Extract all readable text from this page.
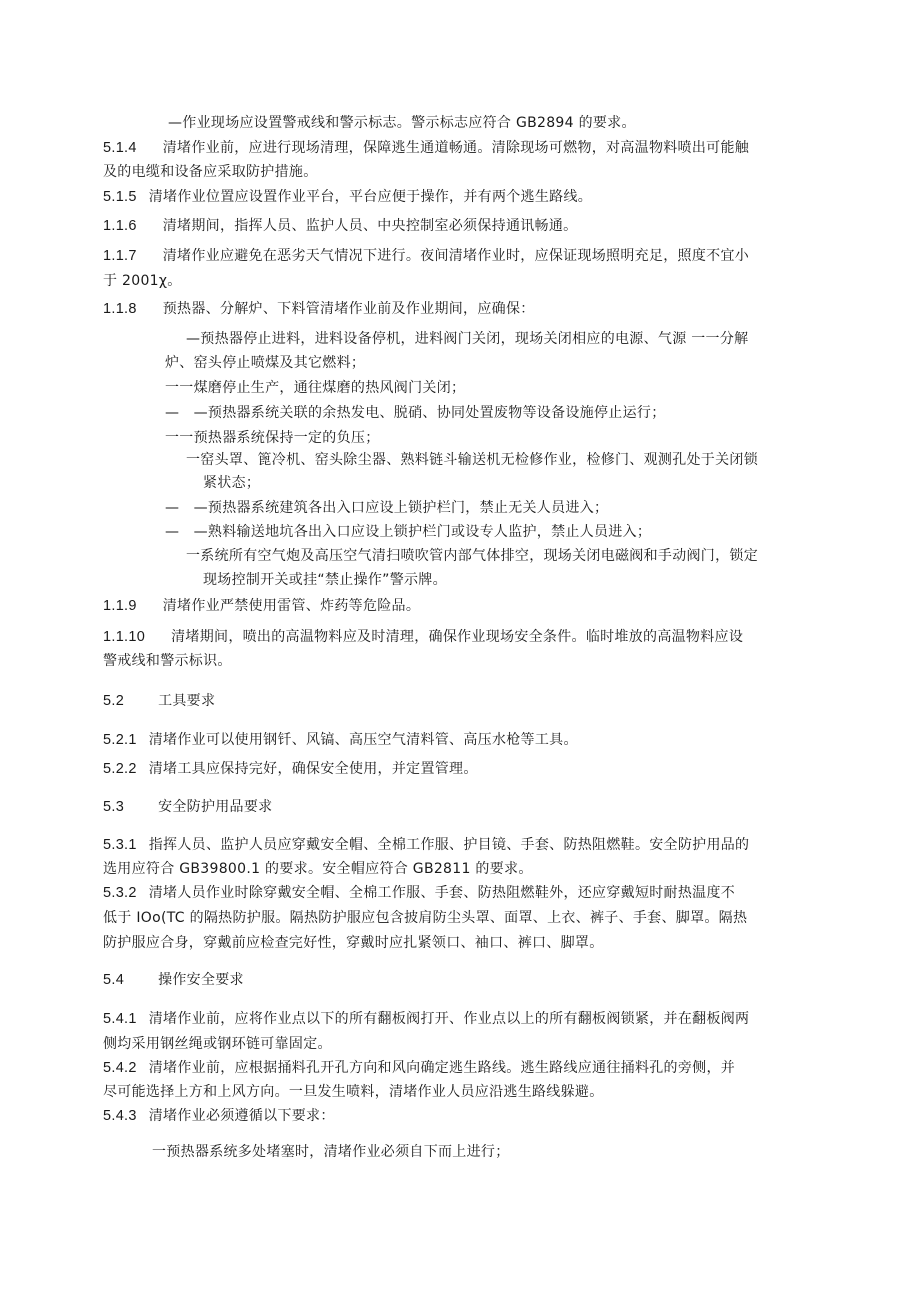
—作业现场应设置警戒线和警示标志。警示标志应符合 GB2894 的要求。
5.1.4 清堵作业前，应进行现场清理，保障逃生通道畅通。清除现场可燃物，对高温物料喷出可能触
及的电缆和设备应采取防护措施。
5.1.5 清堵作业位置应设置作业平台，平台应便于操作，并有两个逃生路线。
1.1.6 清堵期间，指挥人员、监护人员、中央控制室必须保持通讯畅通。
1.1.7 清堵作业应避免在恶劣天气情况下进行。夜间清堵作业时，应保证现场照明充足，照度不宜小
于 2001χ。
1.1.8 预热器、分解炉、下料管清堵作业前及作业期间，应确保：
—预热器停止进料，进料设备停机，进料阀门关闭，现场关闭相应的电源、气源 一一分解
炉、窑头停止喷煤及其它燃料；
一一煤磨停止生产，通往煤磨的热风阀门关闭；
—　—预热器系统关联的余热发电、脱硝、协同处置废物等设备设施停止运行；
一一预热器系统保持一定的负压；
一窑头罩、篦冷机、窑头除尘器、熟料链斗输送机无检修作业，检修门、观测孔处于关闭锁
紧状态；
—　—预热器系统建筑各出入口应设上锁护栏门，禁止无关人员进入；
—　—熟料输送地坑各出入口应设上锁护栏门或设专人监护，禁止人员进入；
一系统所有空气炮及高压空气清扫喷吹管内部气体排空，现场关闭电磁阀和手动阀门，锁定
现场控制开关或挂“禁止操作”警示牌。
1.1.9 清堵作业严禁使用雷管、炸药等危险品。
1.1.10 清堵期间，喷出的高温物料应及时清理，确保作业现场安全条件。临时堆放的高温物料应设
警戒线和警示标识。
5.2 工具要求
5.2.1 清堵作业可以使用钢钎、风镐、高压空气清料管、高压水枪等工具。
5.2.2 清堵工具应保持完好，确保安全使用，并定置管理。
5.3 安全防护用品要求
5.3.1 指挥人员、监护人员应穿戴安全帽、全棉工作服、护目镜、手套、防热阻燃鞋。安全防护用品的
选用应符合 GB39800.1 的要求。安全帽应符合 GB2811 的要求。
5.3.2 清堵人员作业时除穿戴安全帽、全棉工作服、手套、防热阻燃鞋外，还应穿戴短时耐热温度不
低于 IOo(TC 的隔热防护服。隔热防护服应包含披肩防尘头罩、面罩、上衣、裤子、手套、脚罩。隔热
防护服应合身，穿戴前应检查完好性，穿戴时应扎紧领口、袖口、裤口、脚罩。
5.4 操作安全要求
5.4.1 清堵作业前，应将作业点以下的所有翻板阀打开、作业点以上的所有翻板阀锁紧，并在翻板阀两
侧均采用钢丝绳或钢环链可靠固定。
5.4.2 清堵作业前，应根据捅料孔开孔方向和风向确定逃生路线。逃生路线应通往捅料孔的旁侧，并
尽可能选择上方和上风方向。一旦发生喷料，清堵作业人员应沿逃生路线躲避。
5.4.3 清堵作业必须遵循以下要求：
一预热器系统多处堵塞时，清堵作业必须自下而上进行；
